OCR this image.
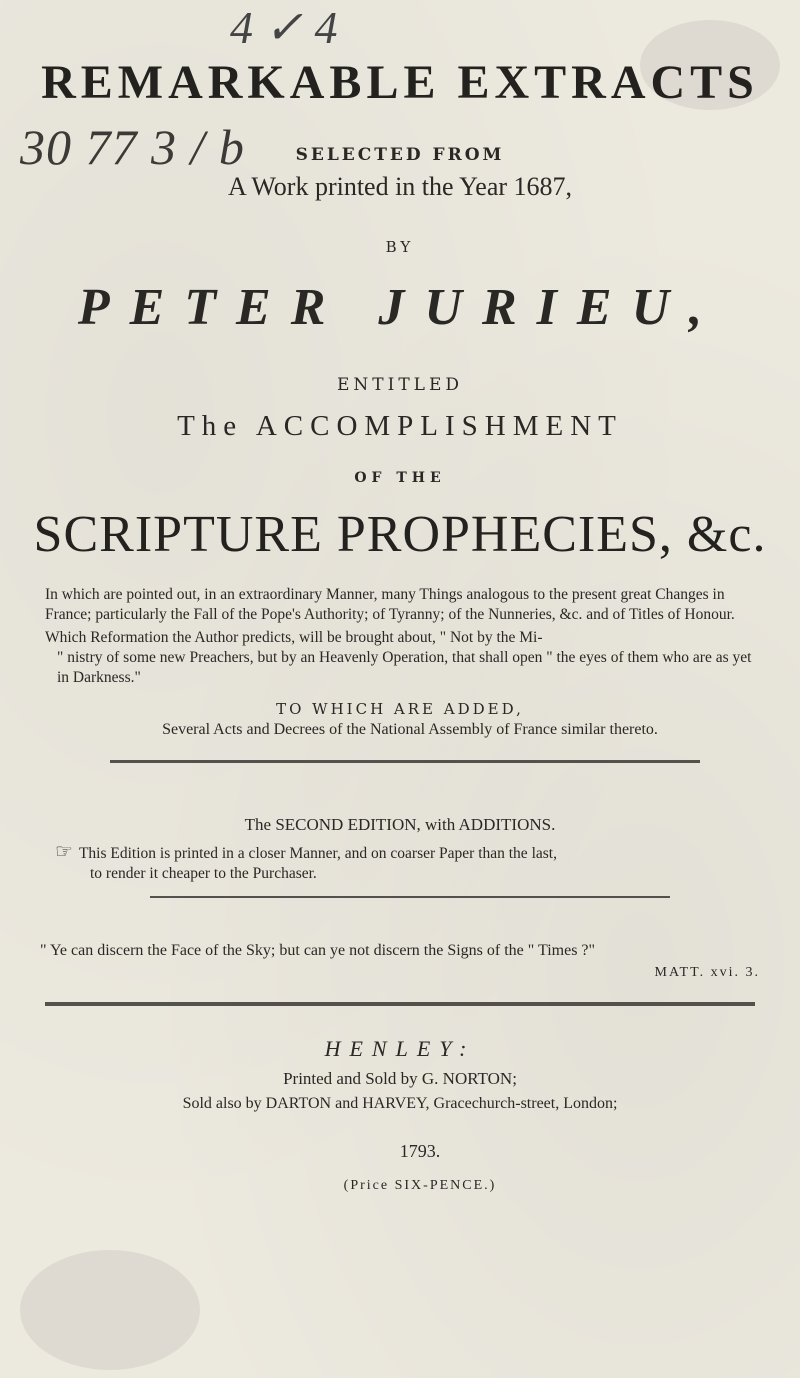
4 ✓ 4
30 77 3 / b
REMARKABLE EXTRACTS
SELECTED FROM
A Work printed in the Year 1687,
BY
PETER JURIEU,
ENTITLED
The ACCOMPLISHMENT
OF THE
SCRIPTURE PROPHECIES, &c.
In which are pointed out, in an extraordinary Manner, many Things analogous to the present great Changes in France; particularly the Fall of the Pope's Authority; of Tyranny; of the Nunneries, &c. and of Titles of Honour.
Which Reformation the Author predicts, will be brought about, " Not by the Mi-
" nistry of some new Preachers, but by an Heavenly Operation, that shall open " the eyes of them who are as yet in Darkness."
TO WHICH ARE ADDED,
Several Acts and Decrees of the National Assembly of France similar thereto.
The SECOND EDITION, with ADDITIONS.
☞ This Edition is printed in a closer Manner, and on coarser Paper than the last,
to render it cheaper to the Purchaser.
" Ye can discern the Face of the Sky; but can ye not discern the Signs of the " Times ?"
MATT. xvi. 3.
HENLEY:
Printed and Sold by G. NORTON;
Sold also by DARTON and HARVEY, Gracechurch-street, London;
1793.
(Price SIX-PENCE.)
